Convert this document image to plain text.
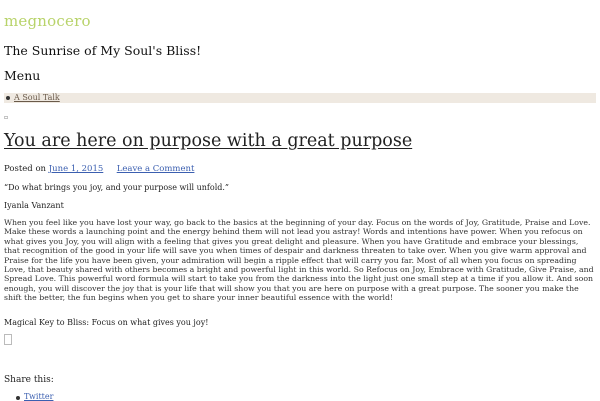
megnocero

The Sunrise of My Soul's Bliss!

Menu

A Soul Talk
▫
You are here on purpose with a great purpose
Posted on June 1, 2015 Leave a Comment

“Do what brings you joy, and your purpose will unfold.”

Iyanla Vanzant

When you feel like you have lost your way, go back to the basics at the beginning of your day. Focus on the words of Joy, Gratitude, Praise and Love. Make these words a launching point and the energy behind them will not lead you astray! Words and intentions have power. When you refocus on what gives you Joy, you will align with a feeling that gives you great delight and pleasure. When you have Gratitude and embrace your blessings, that recognition of the good in your life will save you when times of despair and darkness threaten to take over. When you give warm approval and Praise for the life you have been given, your admiration will begin a ripple effect that will carry you far. Most of all when you focus on spreading Love, that beauty shared with others becomes a bright and powerful light in this world. So Refocus on Joy, Embrace with Gratitude, Give Praise, and Spread Love. This powerful word formula will start to take you from the darkness into the light just one small step at a time if you allow it. And soon enough, you will discover the joy that is your life that will show you that you are here on purpose with a great purpose. The sooner you make the shift the better, the fun begins when you get to share your inner beautiful essence with the world!

Magical Key to Bliss: Focus on what gives you joy!

Share this:

Twitter
